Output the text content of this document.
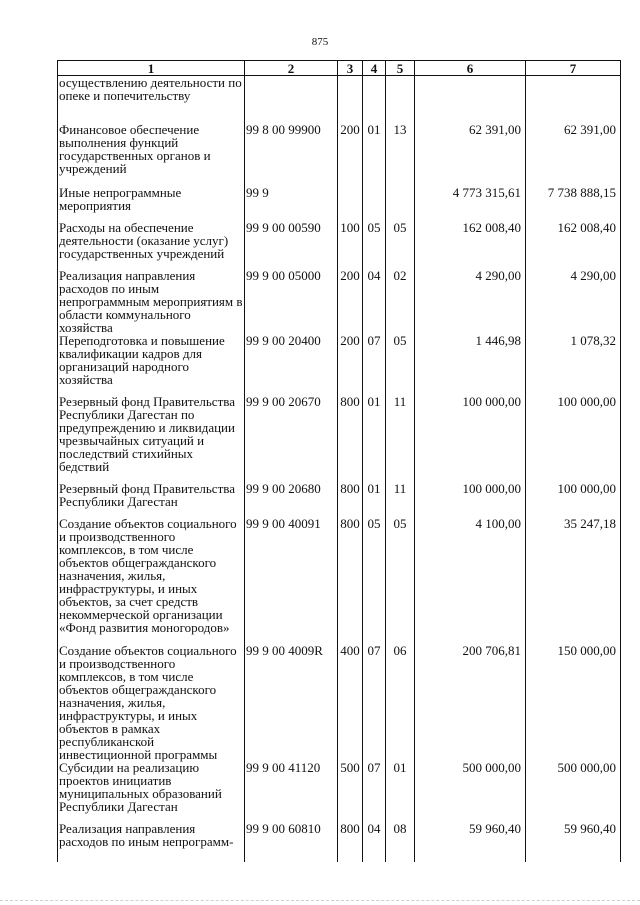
875
1	2	3	4	5	6	7
осуществлению деятельности по опеке и попечительству						
Финансовое обеспечение выполнения функций государственных органов и учреждений	99 8 00 99900	200	01	13	62 391,00	62 391,00
Иные непрограммные мероприятия	99 9				4 773 315,61	7 738 888,15
Расходы на обеспечение деятельности (оказание услуг) государственных учреждений	99 9 00 00590	100	05	05	162 008,40	162 008,40
Реализация направления расходов по иным непрограммным мероприятиям в области коммунального хозяйства	99 9 00 05000	200	04	02	4 290,00	4 290,00
Переподготовка и повышение квалификации кадров для организаций народного хозяйства	99 9 00 20400	200	07	05	1 446,98	1 078,32
Резервный фонд Правительства Республики Дагестан по предупреждению и ликвидации чрезвычайных ситуаций и последствий стихийных бедствий	99 9 00 20670	800	01	11	100 000,00	100 000,00
Резервный фонд Правительства Республики Дагестан	99 9 00 20680	800	01	11	100 000,00	100 000,00
Создание объектов социального и производственного комплексов, в том числе объектов общегражданского назначения, жилья, инфраструктуры, и иных объектов, за счет средств некоммерческой организации «Фонд развития моногородов»	99 9 00 40091	800	05	05	4 100,00	35 247,18
Создание объектов социального и производственного комплексов, в том числе объектов общегражданского назначения, жилья, инфраструктуры, и иных объектов в рамках республиканской инвестиционной программы	99 9 00 4009R	400	07	06	200 706,81	150 000,00
Субсидии на реализацию проектов инициатив муниципальных образований Республики Дагестан	99 9 00 41120	500	07	01	500 000,00	500 000,00
Реализация направления расходов по иным непрограмм-	99 9 00 60810	800	04	08	59 960,40	59 960,40
